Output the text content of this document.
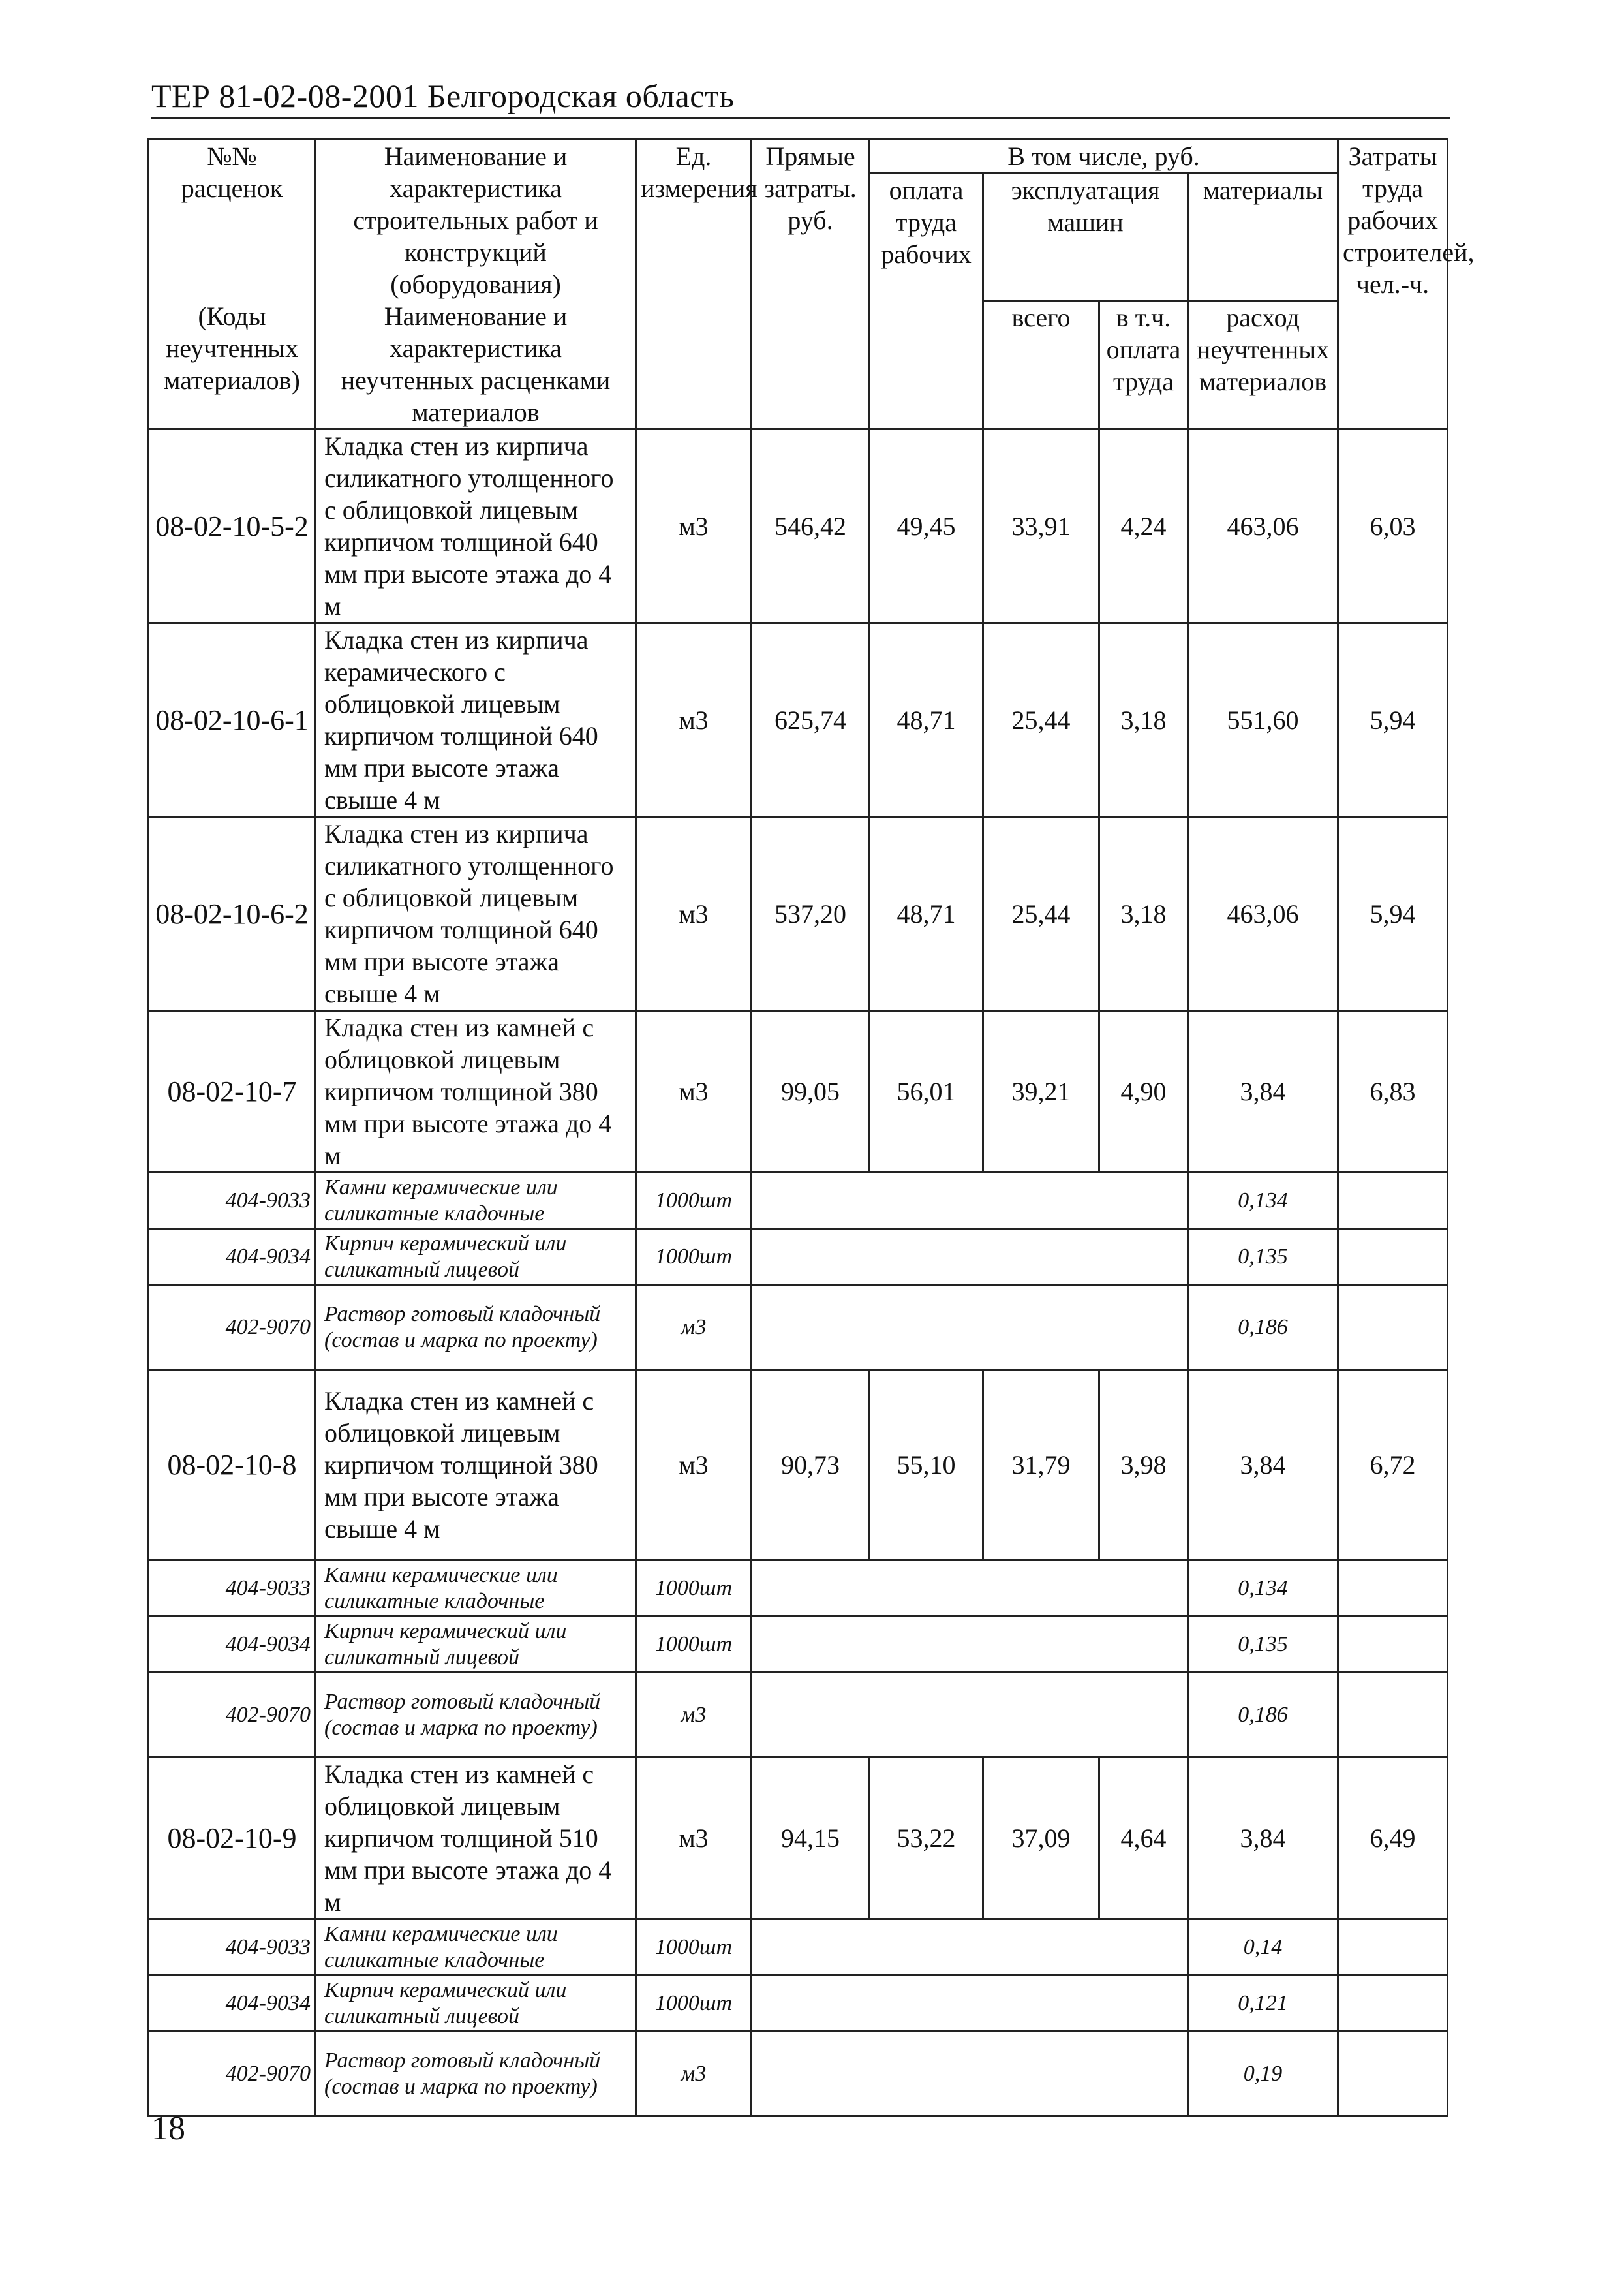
ТЕР 81-02-08-2001 Белгородская область
№№ расценок	Наименование и характеристика строительных работ и конструкций (оборудования)	Ед. измерения	Прямые затраты. руб.	В том числе, руб.				Затраты труда рабочих строителей, чел.-ч.	
				оплата труда рабочих	эксплуатация машин		материалы		

(Коды неучтенных материалов)	Наименование и характеристика неучтенных расценками материалов				всего	в т.ч. оплата труда	расход неучтенных материалов		

08-02-10-5-2	Кладка стен из кирпича силикатного утолщенного с облицовкой лицевым кирпичом толщиной 640 мм при высоте этажа до 4 м	м3	546,42	49,45	33,91	4,24	463,06	6,03	
08-02-10-6-1	Кладка стен из кирпича керамического с облицовкой лицевым кирпичом толщиной 640 мм при высоте этажа свыше 4 м	м3	625,74	48,71	25,44	3,18	551,60	5,94	
08-02-10-6-2	Кладка стен из кирпича силикатного утолщенного с облицовкой лицевым кирпичом толщиной 640 мм при высоте этажа свыше 4 м	м3	537,20	48,71	25,44	3,18	463,06	5,94	
08-02-10-7	Кладка стен из камней с облицовкой лицевым кирпичом толщиной 380 мм при высоте этажа до 4 м	м3	99,05	56,01	39,21	4,90	3,84	6,83	
404-9033	Камни керамические или силикатные кладочные	1000шт					0,134		
404-9034	Кирпич керамический или силикатный лицевой	1000шт					0,135		
402-9070	Раствор готовый кладочный (состав и марка по проекту)	м3					0,186		
08-02-10-8	Кладка стен из камней с облицовкой лицевым кирпичом толщиной 380 мм при высоте этажа свыше 4 м	м3	90,73	55,10	31,79	3,98	3,84	6,72	
404-9033	Камни керамические или силикатные кладочные	1000шт					0,134		
404-9034	Кирпич керамический или силикатный лицевой	1000шт					0,135		
402-9070	Раствор готовый кладочный (состав и марка по проекту)	м3					0,186		
08-02-10-9	Кладка стен из камней с облицовкой лицевым кирпичом толщиной 510 мм при высоте этажа до 4 м	м3	94,15	53,22	37,09	4,64	3,84	6,49	
404-9033	Камни керамические или силикатные кладочные	1000шт					0,14		
404-9034	Кирпич керамический или силикатный лицевой	1000шт					0,121		
402-9070	Раствор готовый кладочный (состав и марка по проекту)	м3					0,19		
18
